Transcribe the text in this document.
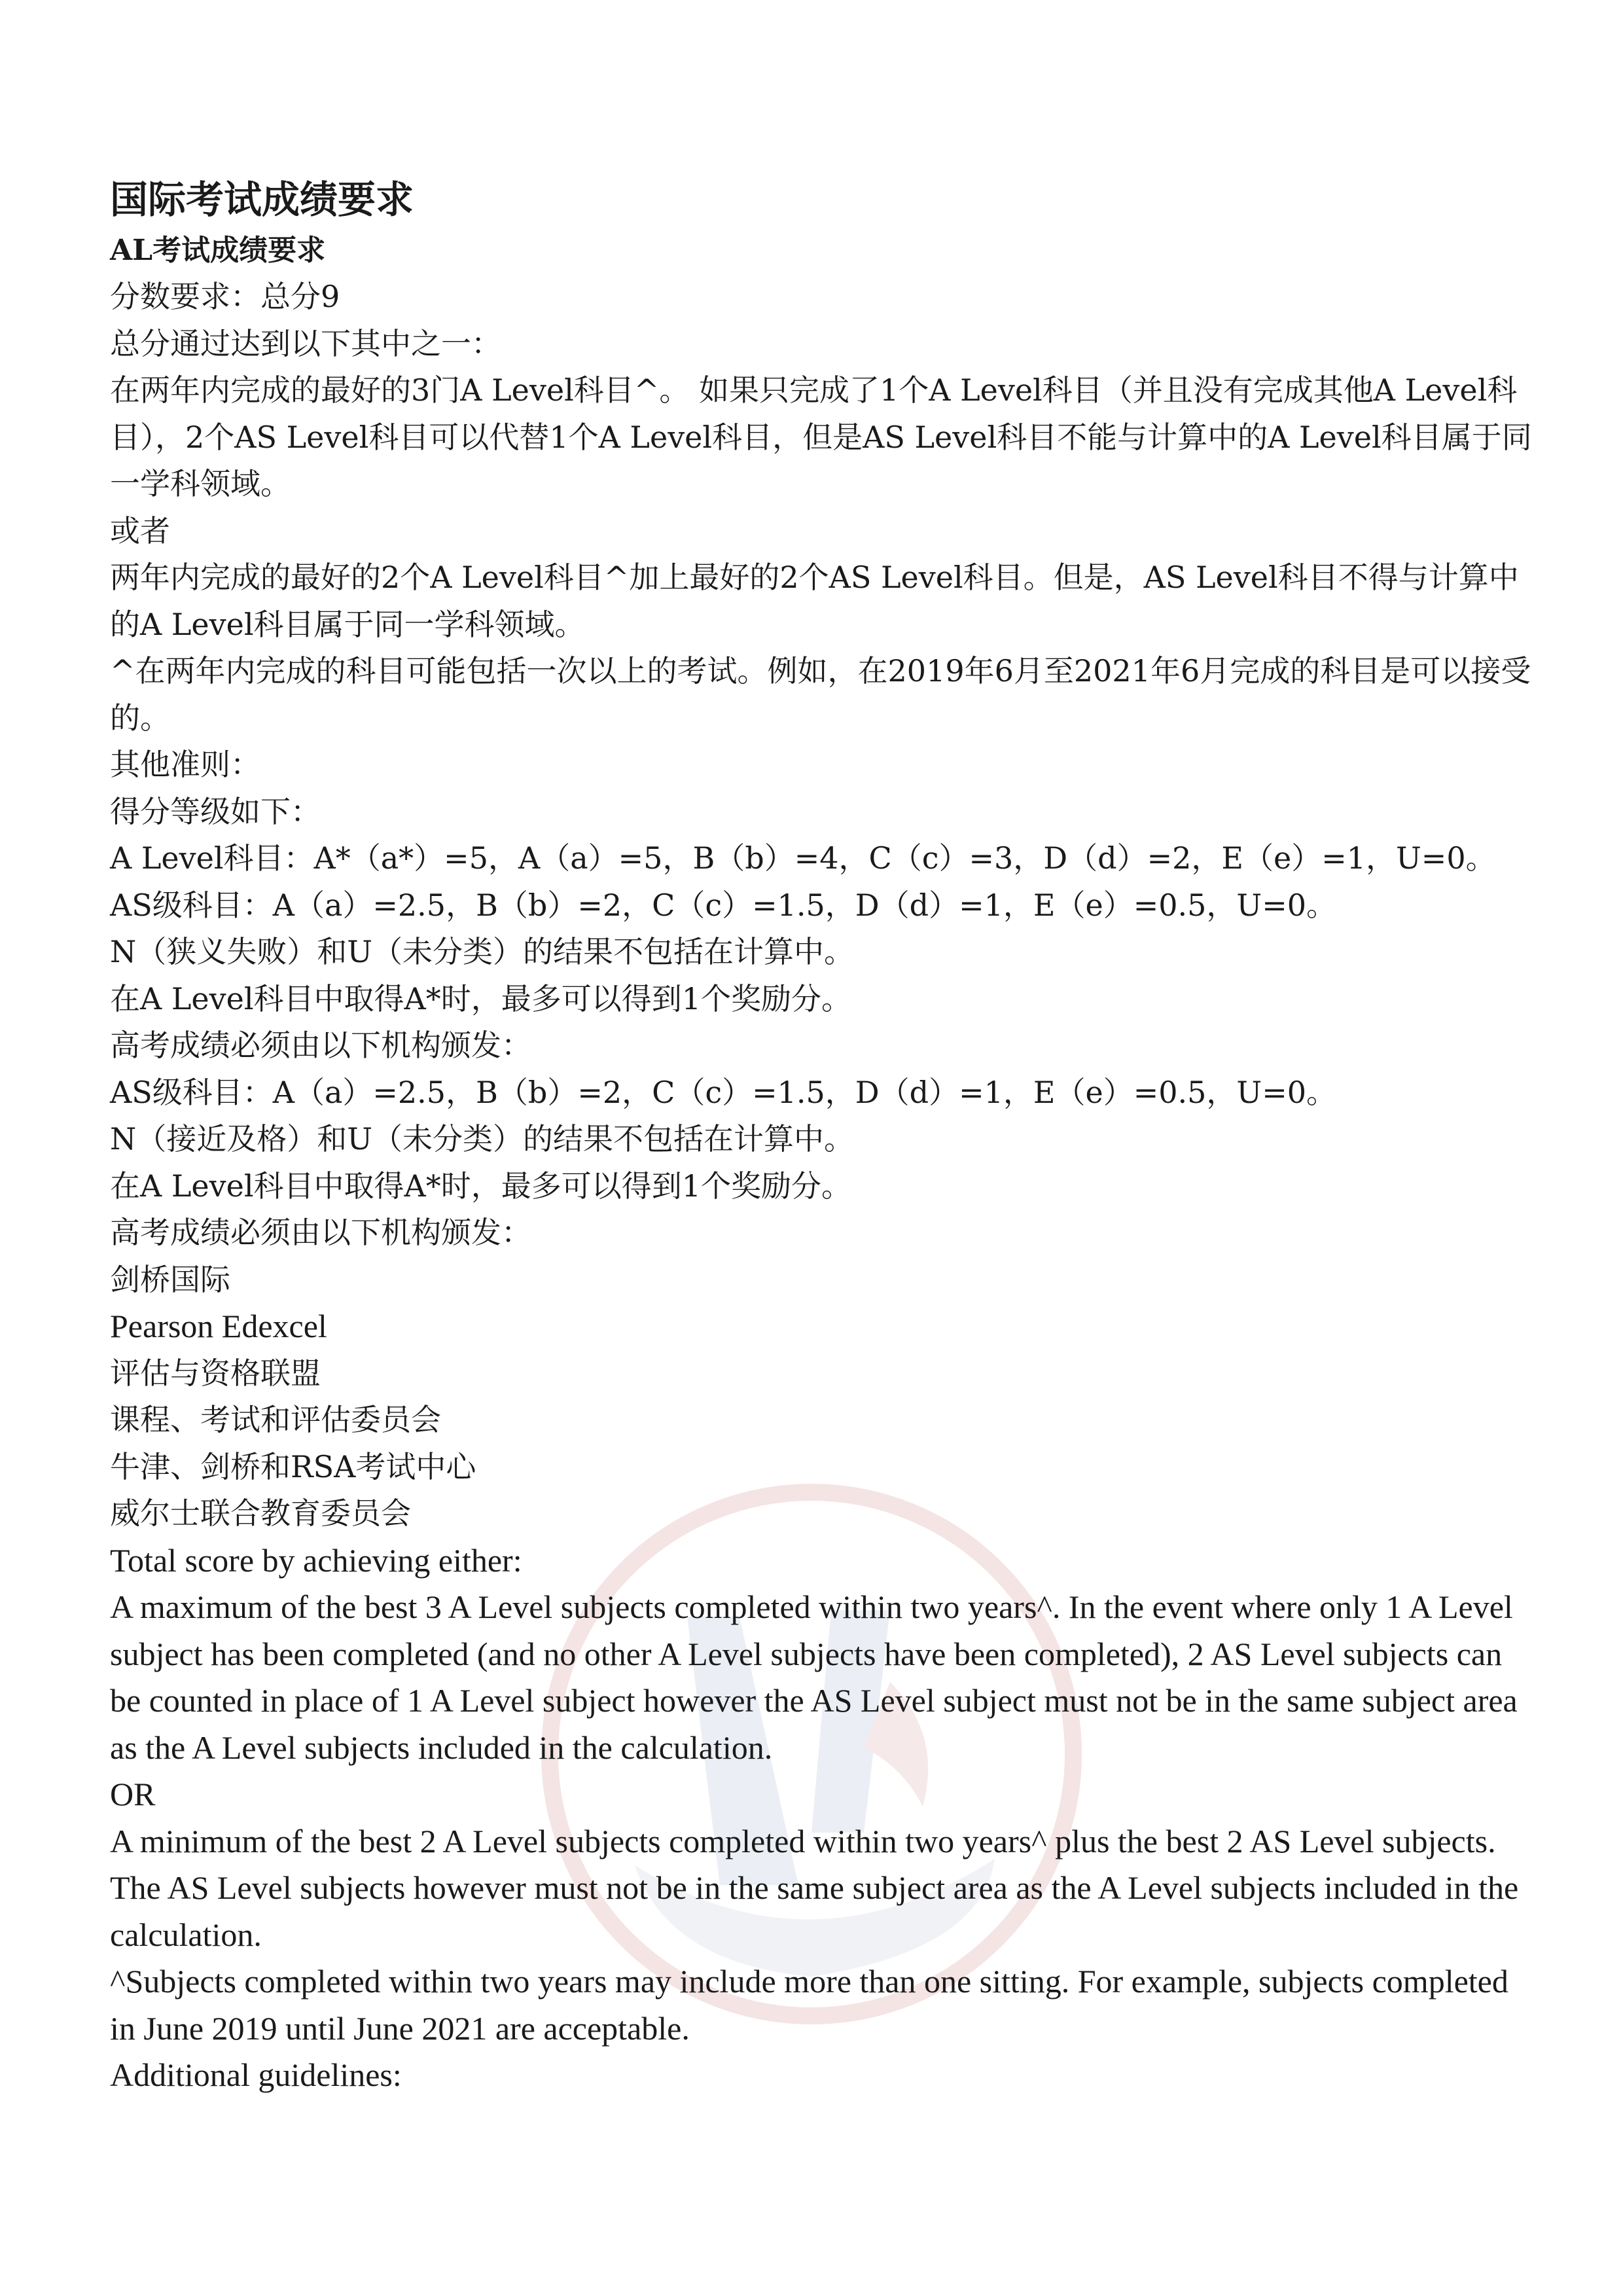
国际考试成绩要求
AL考试成绩要求
分数要求：总分9
总分通过达到以下其中之一：
在两年内完成的最好的3门A Level科目^。 如果只完成了1个A Level科目（并且没有完成其他A Level科目），2个AS Level科目可以代替1个A Level科目，但是AS Level科目不能与计算中的A Level科目属于同一学科领域。
或者
两年内完成的最好的2个A Level科目^加上最好的2个AS Level科目。但是，AS Level科目不得与计算中的A Level科目属于同一学科领域。
^在两年内完成的科目可能包括一次以上的考试。例如，在2019年6月至2021年6月完成的科目是可以接受的。
其他准则：
得分等级如下：
A Level科目：A*（a*）=5，A（a）=5，B（b）=4，C（c）=3，D（d）=2，E（e）=1，U=0。
AS级科目：A（a）=2.5，B（b）=2，C（c）=1.5，D（d）=1，E（e）=0.5，U=0。
N（狭义失败）和U（未分类）的结果不包括在计算中。
在A Level科目中取得A*时，最多可以得到1个奖励分。
高考成绩必须由以下机构颁发：
AS级科目：A（a）=2.5，B（b）=2，C（c）=1.5，D（d）=1，E（e）=0.5，U=0。
N（接近及格）和U（未分类）的结果不包括在计算中。
在A Level科目中取得A*时，最多可以得到1个奖励分。
高考成绩必须由以下机构颁发：
剑桥国际
Pearson Edexcel
评估与资格联盟
课程、考试和评估委员会
牛津、剑桥和RSA考试中心
威尔士联合教育委员会
Total score by achieving either:
A maximum of the best 3 A Level subjects completed within two years^. In the event where only 1 A Level subject has been completed (and no other A Level subjects have been completed), 2 AS Level subjects can be counted in place of 1 A Level subject however the AS Level subject must not be in the same subject area as the A Level subjects included in the calculation.
OR
A minimum of the best 2 A Level subjects completed within two years^ plus the best 2 AS Level subjects. The AS Level subjects however must not be in the same subject area as the A Level subjects included in the calculation.
^Subjects completed within two years may include more than one sitting. For example, subjects completed in June 2019 until June 2021 are acceptable.
Additional guidelines:
